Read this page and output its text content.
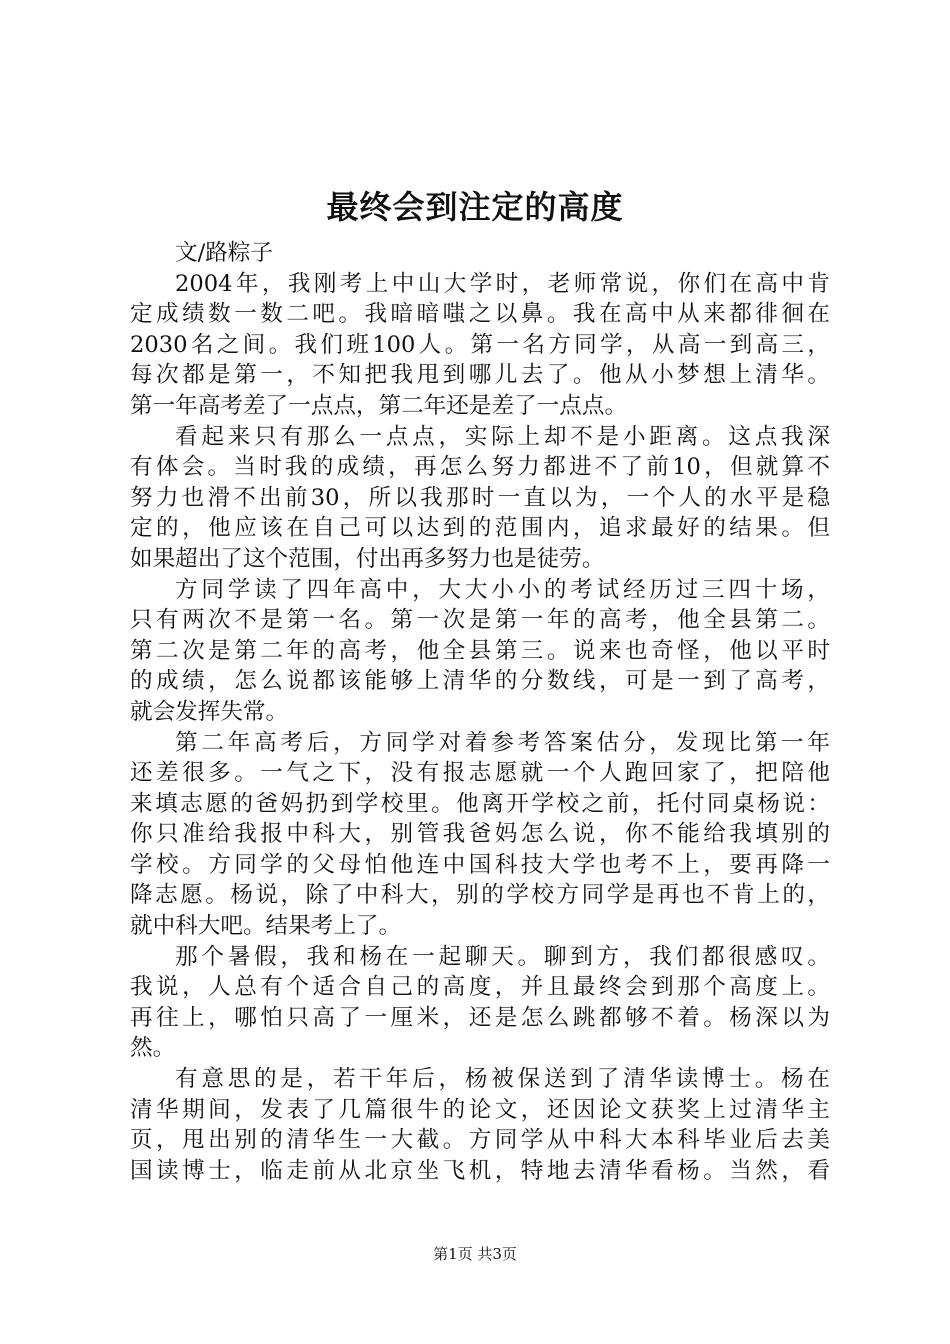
最终会到注定的高度
文/路粽子
2004年，我刚考上中山大学时，老师常说，你们在高中肯
定成绩数一数二吧。我暗暗嗤之以鼻。我在高中从来都徘徊在
2030名之间。我们班100人。第一名方同学，从高一到高三，
每次都是第一，不知把我甩到哪儿去了。他从小梦想上清华。
第一年高考差了一点点，第二年还是差了一点点。
看起来只有那么一点点，实际上却不是小距离。这点我深
有体会。当时我的成绩，再怎么努力都进不了前10，但就算不
努力也滑不出前30，所以我那时一直以为，一个人的水平是稳
定的，他应该在自己可以达到的范围内，追求最好的结果。但
如果超出了这个范围，付出再多努力也是徒劳。
方同学读了四年高中，大大小小的考试经历过三四十场，
只有两次不是第一名。第一次是第一年的高考，他全县第二。
第二次是第二年的高考，他全县第三。说来也奇怪，他以平时
的成绩，怎么说都该能够上清华的分数线，可是一到了高考，
就会发挥失常。
第二年高考后，方同学对着参考答案估分，发现比第一年
还差很多。一气之下，没有报志愿就一个人跑回家了，把陪他
来填志愿的爸妈扔到学校里。他离开学校之前，托付同桌杨说：
你只准给我报中科大，别管我爸妈怎么说，你不能给我填别的
学校。方同学的父母怕他连中国科技大学也考不上，要再降一
降志愿。杨说，除了中科大，别的学校方同学是再也不肯上的，
就中科大吧。结果考上了。
那个暑假，我和杨在一起聊天。聊到方，我们都很感叹。
我说，人总有个适合自己的高度，并且最终会到那个高度上。
再往上，哪怕只高了一厘米，还是怎么跳都够不着。杨深以为
然。
有意思的是，若干年后，杨被保送到了清华读博士。杨在
清华期间，发表了几篇很牛的论文，还因论文获奖上过清华主
页，甩出别的清华生一大截。方同学从中科大本科毕业后去美
国读博士，临走前从北京坐飞机，特地去清华看杨。当然，看
第1页 共3页
